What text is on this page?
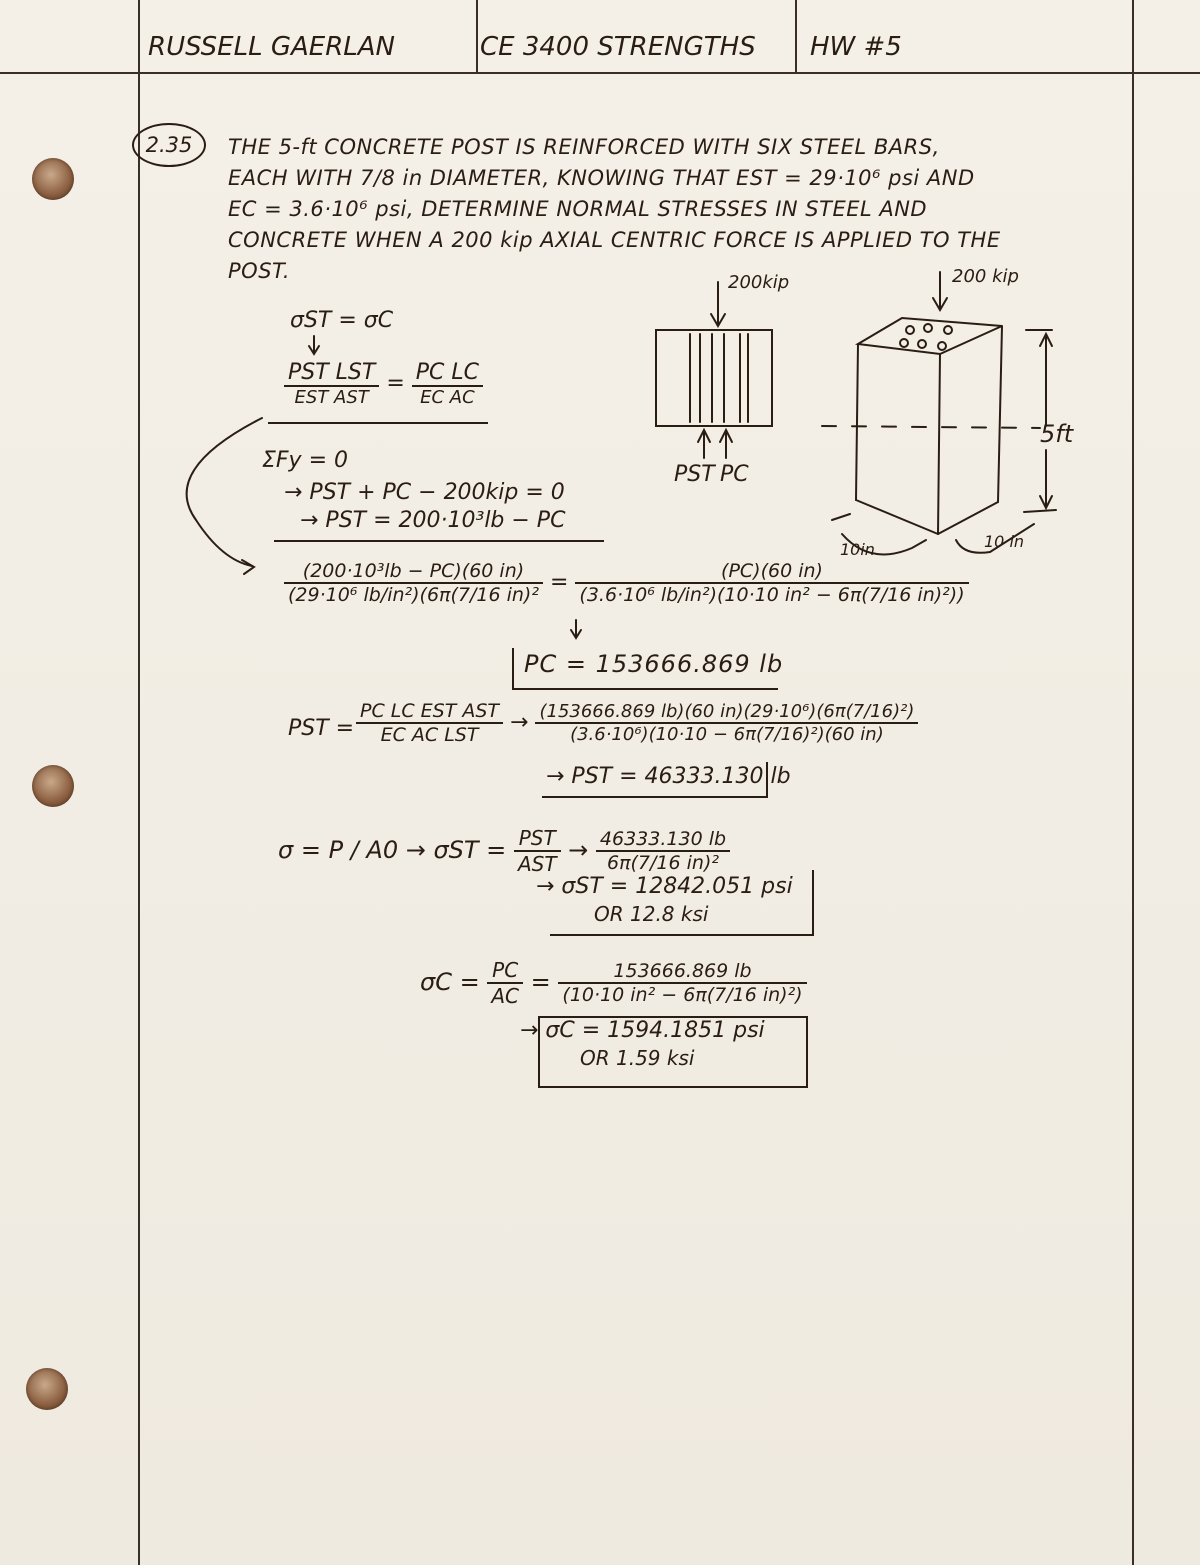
RUSSELL GAERLAN	CE 3400 STRENGTHS HW #5
2.35	THE 5-ft CONCRETE POST IS REINFORCED WITH SIX STEEL BARS,
EACH WITH 7/8 in DIAMETER, KNOWING THAT EST = 29·10⁶ psi AND
EC = 3.6·10⁶ psi, DETERMINE NORMAL STRESSES IN STEEL AND
CONCRETE WHEN A 200 kip AXIAL CENTRIC FORCE IS APPLIED TO THE
POST.	200kip	200 kip
PST PC
5ft
10in	10 in
σST = σC
$\frac{\text{PST LST}}{\text{EST AST}} = \frac{\text{PC LC}}{\text{EC AC}}$
ΣFy = 0
→ PST + PC − 200kip = 0
→ PST = 200·10³lb − PC
$\frac{\text{(200·10³lb − PC)(60 in)}}{\text{(29·10⁶ lb/in²)(6π(7/16 in)²}} = \frac{(PC)(60 in)}{\text{(3.6·10⁶ lb/in²)(10·10 in² − 6π(7/16 in)²))}}$
PC = 153666.869 lb
PST = $\frac{\text{PC LC EST AST}}{\text{EC AC LST}} \to \frac{\text{(153666.869 lb)(60 in)(29·10⁶)(6π(7/16)²)}}{\text{(3.6·10⁶)(10·10 − 6π(7/16)²)(60 in)}}$
→ PST = 46333.130 lb
$\sigma = P / A0 \to \sigma ST = \frac{\text{PST}}{\text{AST}} \to \frac{46333.130 lb}{\text{6π(7/16 in)²}}$
→ σST = 12842.051 psi
OR 12.8 ksi
$\sigma C = \frac{PC}{AC} = \frac{153666.869 lb}{\text{(10·10 in² − 6π(7/16 in)²)}}$
→ σC = 1594.1851 psi
OR 1.59 ksi
